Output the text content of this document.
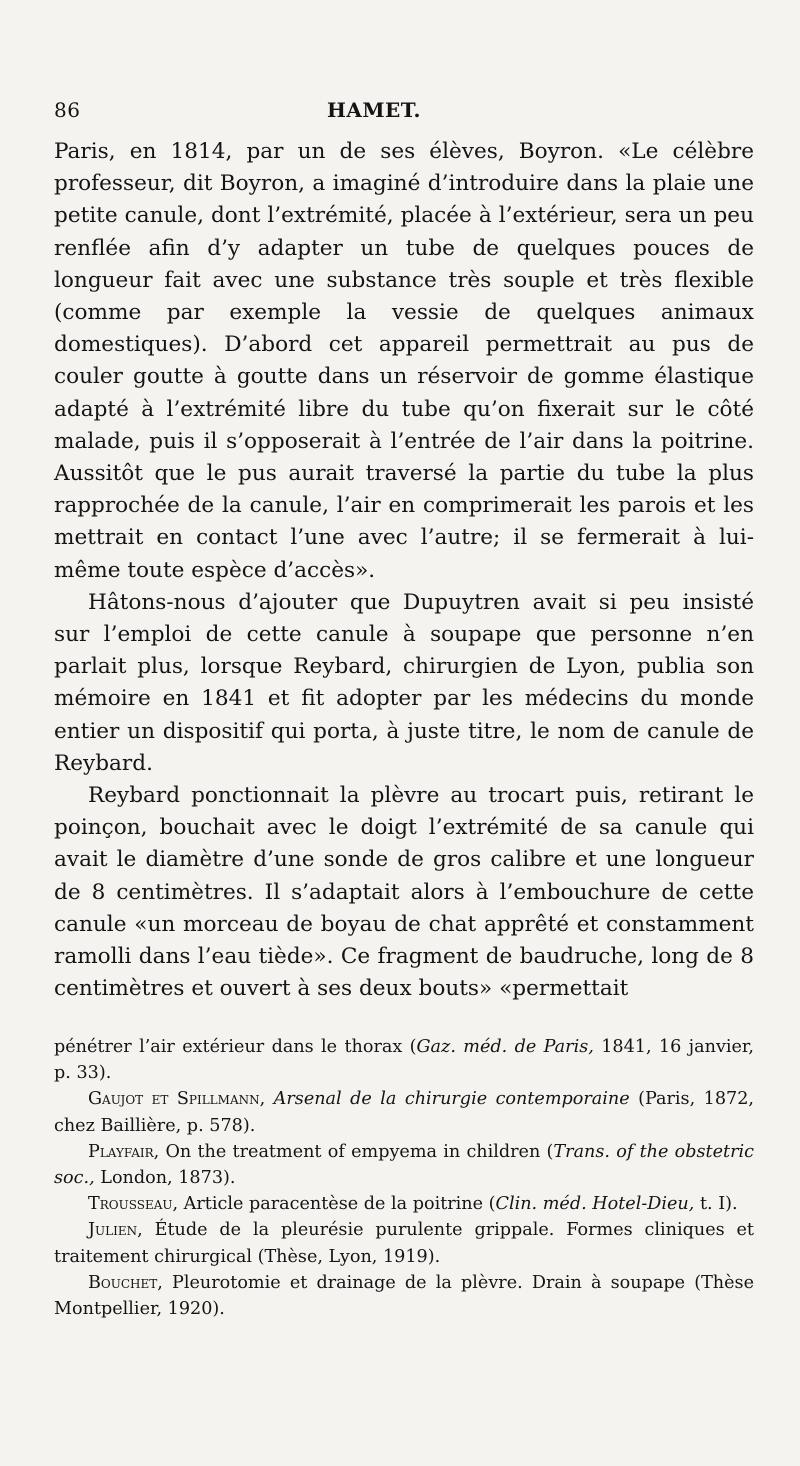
86	HAMET.

Paris, en 1814, par un de ses élèves, Boyron. «Le célèbre professeur, dit Boyron, a imaginé d’introduire dans la plaie une petite canule, dont l’extrémité, placée à l’extérieur, sera un peu renflée afin d’y adapter un tube de quelques pouces de longueur fait avec une substance très souple et très flexible (comme par exemple la vessie de quelques animaux domestiques). D’abord cet appareil permettrait au pus de couler goutte à goutte dans un réservoir de gomme élastique adapté à l’extrémité libre du tube qu’on fixerait sur le côté malade, puis il s’opposerait à l’entrée de l’air dans la poitrine. Aussitôt que le pus aurait traversé la partie du tube la plus rapprochée de la canule, l’air en comprimerait les parois et les mettrait en contact l’une avec l’autre; il se fermerait à lui-même toute espèce d’accès».

Hâtons-nous d’ajouter que Dupuytren avait si peu insisté sur l’emploi de cette canule à soupape que personne n’en parlait plus, lorsque Reybard, chirurgien de Lyon, publia son mémoire en 1841 et fit adopter par les médecins du monde entier un dispositif qui porta, à juste titre, le nom de canule de Reybard.

Reybard ponctionnait la plèvre au trocart puis, retirant le poinçon, bouchait avec le doigt l’extrémité de sa canule qui avait le diamètre d’une sonde de gros calibre et une longueur de 8 centimètres. Il s’adaptait alors à l’embouchure de cette canule «un morceau de boyau de chat apprêté et constamment ramolli dans l’eau tiède». Ce fragment de baudruche, long de 8 centimètres et ouvert à ses deux bouts» «permettait

pénétrer l’air extérieur dans le thorax (Gaz. méd. de Paris, 1841, 16 janvier, p. 33).

Gaujot et Spillmann, Arsenal de la chirurgie contemporaine (Paris, 1872, chez Baillière, p. 578).

Playfair, On the treatment of empyema in children (Trans. of the obstetric soc., London, 1873).

Trousseau, Article paracentèse de la poitrine (Clin. méd. Hotel-Dieu, t. I).

Julien, Étude de la pleurésie purulente grippale. Formes cliniques et traitement chirurgical (Thèse, Lyon, 1919).

Bouchet, Pleurotomie et drainage de la plèvre. Drain à soupape (Thèse Montpellier, 1920).
